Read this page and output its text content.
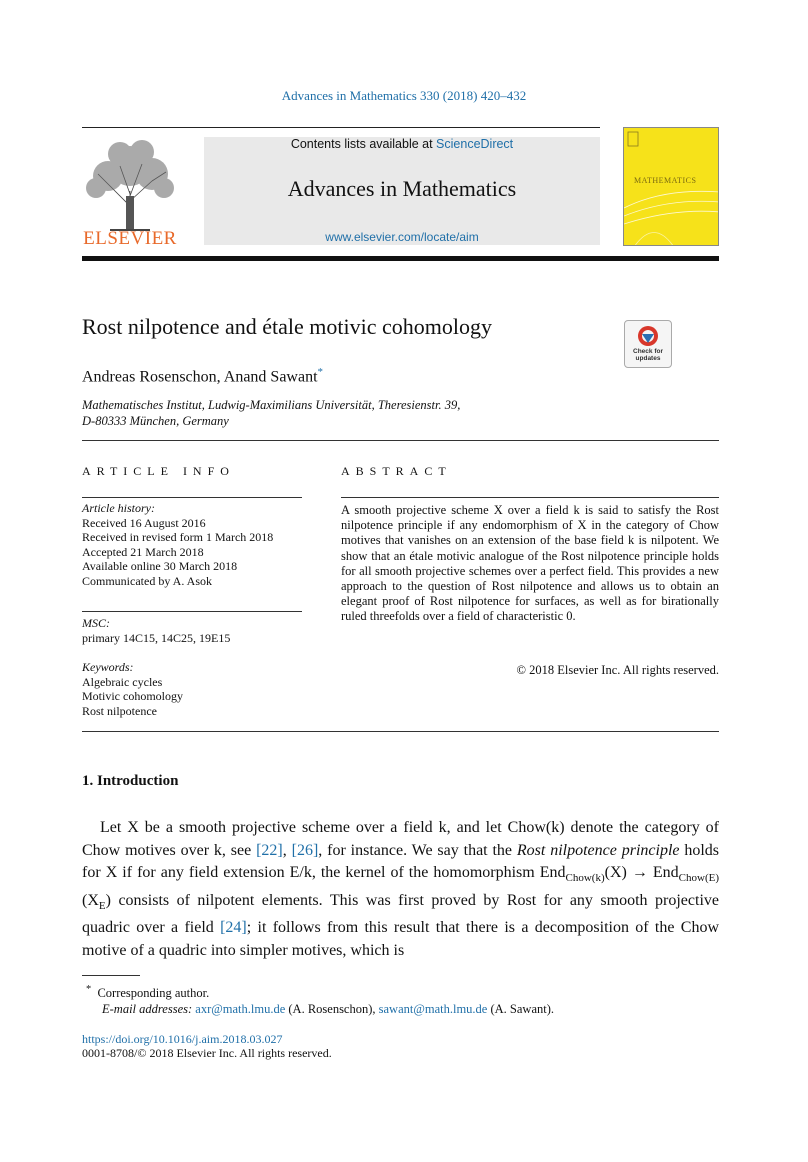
Advances in Mathematics 330 (2018) 420–432
ELSEVIER
Contents lists available at ScienceDirect
Advances in Mathematics
www.elsevier.com/locate/aim
MATHEMATICS
Rost nilpotence and étale motivic cohomology
Check for updates
Andreas Rosenschon, Anand Sawant*
Mathematisches Institut, Ludwig-Maximilians Universität, Theresienstr. 39,
D-80333 München, Germany
ARTICLE INFO	ABSTRACT
Article history:
Received 16 August 2016
Received in revised form 1 March 2018
Accepted 21 March 2018
Available online 30 March 2018
Communicated by A. Asok
MSC:
primary 14C15, 14C25, 19E15
Keywords:
Algebraic cycles
Motivic cohomology
Rost nilpotence
A smooth projective scheme X over a field k is said to satisfy the Rost nilpotence principle if any endomorphism of X in the category of Chow motives that vanishes on an extension of the base field k is nilpotent. We show that an étale motivic analogue of the Rost nilpotence principle holds for all smooth projective schemes over a perfect field. This provides a new approach to the question of Rost nilpotence and allows us to obtain an elegant proof of Rost nilpotence for surfaces, as well as for birationally ruled threefolds over a field of characteristic 0.
© 2018 Elsevier Inc. All rights reserved.
1. Introduction
Let X be a smooth projective scheme over a field k, and let Chow(k) denote the category of Chow motives over k, see [22], [26], for instance. We say that the Rost nilpotence principle holds for X if for any field extension E/k, the kernel of the homomorphism $End_{Chow(k)}(X) \to End_{Chow(E)}(X_E)$ consists of nilpotent elements. This was first proved by Rost for any smooth projective quadric over a field [24]; it follows from this result that there is a decomposition of the Chow motive of a quadric into simpler motives, which is
* Corresponding author.
E-mail addresses: axr@math.lmu.de (A. Rosenschon), sawant@math.lmu.de (A. Sawant).
https://doi.org/10.1016/j.aim.2018.03.027
0001-8708/© 2018 Elsevier Inc. All rights reserved.
